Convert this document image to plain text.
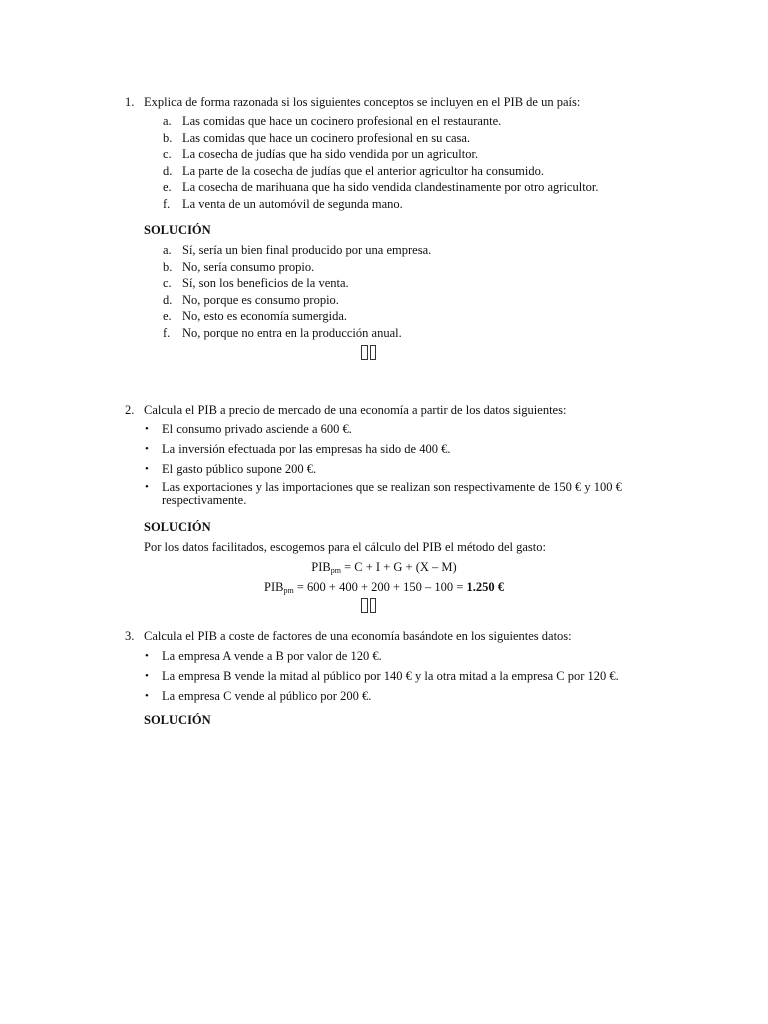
1. Explica de forma razonada si los siguientes conceptos se incluyen en el PIB de un país:
a. Las comidas que hace un cocinero profesional en el restaurante.
b. Las comidas que hace un cocinero profesional en su casa.
c. La cosecha de judías que ha sido vendida por un agricultor.
d. La parte de la cosecha de judías que el anterior agricultor ha consumido.
e. La cosecha de marihuana que ha sido vendida clandestinamente por otro agricultor.
f. La venta de un automóvil de segunda mano.
SOLUCIÓN
a. Sí, sería un bien final producido por una empresa.
b. No, sería consumo propio.
c. Sí, son los beneficios de la venta.
d. No, porque es consumo propio.
e. No, esto es economía sumergida.
f. No, porque no entra en la producción anual.
2. Calcula el PIB a precio de mercado de una economía a partir de los datos siguientes:
• El consumo privado asciende a 600 €.
• La inversión efectuada por las empresas ha sido de 400 €.
• El gasto público supone 200 €.
• Las exportaciones y las importaciones que se realizan son respectivamente de 150 € y 100 € respectivamente.
SOLUCIÓN
Por los datos facilitados, escogemos para el cálculo del PIB el método del gasto:
$PIB_{pm} = C + I + G + (X - M)$
$PIB_{pm} = 600 + 400 + 200 + 150 - 100 = 1.250$ €
3. Calcula el PIB a coste de factores de una economía basándote en los siguientes datos:
• La empresa A vende a B por valor de 120 €.
• La empresa B vende la mitad al público por 140 € y la otra mitad a la empresa C por 120 €.
• La empresa C vende al público por 200 €.
SOLUCIÓN
